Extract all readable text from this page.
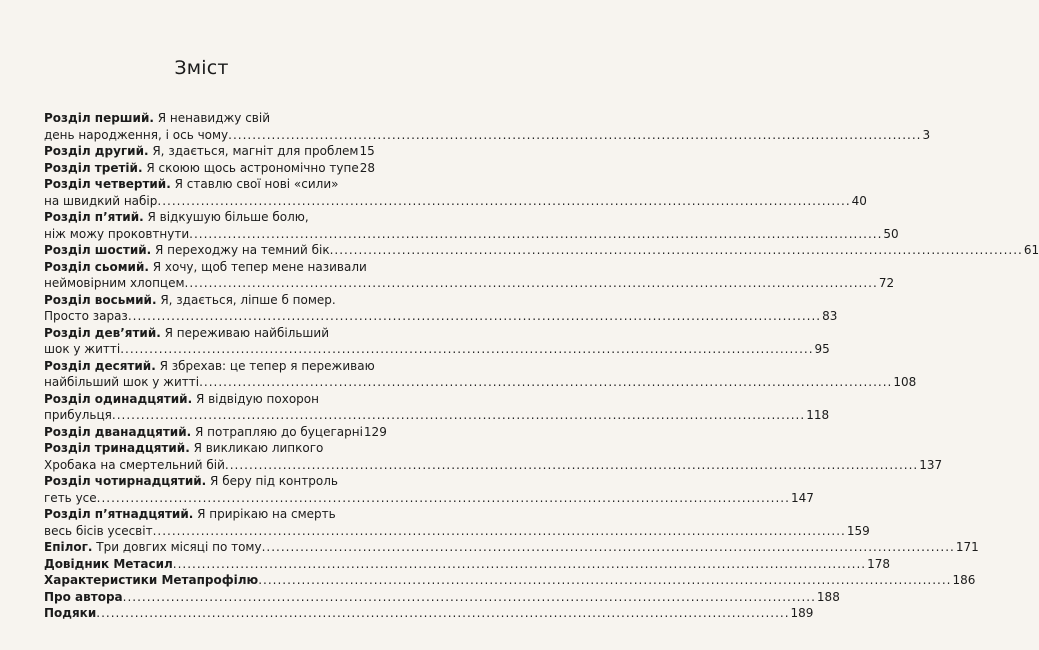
Зміст
Розділ перший. Я ненавиджу свій
день народження, і ось чому .....	3
Розділ другий. Я, здається, магніт для проблем 15
Розділ третій. Я скоюю щось астрономічно тупе 28
Розділ четвертий. Я ставлю свої нові «сили»
на швидкий набір .....	40
Розділ п’ятий. Я відкушую більше болю,
ніж можу проковтнути .....	50
Розділ шостий. Я переходжу на темний бік .....	61
Розділ сьомий. Я хочу, щоб тепер мене називали
неймовірним хлопцем .....	72
Розділ восьмий. Я, здається, ліпше б помер.
Просто зараз .....	83
Розділ дев’ятий. Я переживаю найбільший
шок у житті .....	95
Розділ десятий. Я збрехав: це тепер я переживаю
найбільший шок у житті .....	108
Розділ одинадцятий. Я відвідую похорон
прибульця .....	118
Розділ дванадцятий. Я потрапляю до буцегарні 129
Розділ тринадцятий. Я викликаю липкого
Хробака на смертельний бій .....	137
Розділ чотирнадцятий. Я беру під контроль
геть усе .....	147
Розділ п’ятнадцятий. Я прирікаю на смерть
весь бісів усесвіт .....	159
Епілог. Три довгих місяці по тому .....	171
Довідник Метасил .....	178
Характеристики Метапрофілю .....	186
Про автора .....	188
Подяки .....	189
